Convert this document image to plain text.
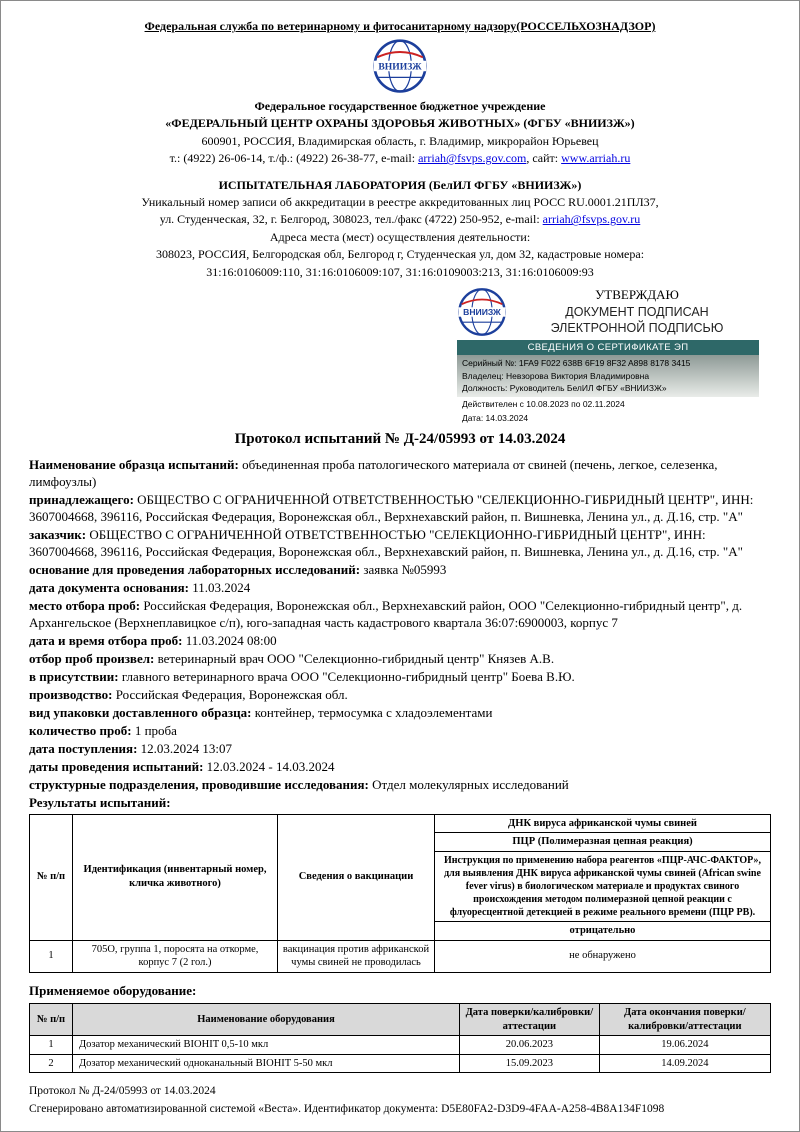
Федеральная служба по ветеринарному и фитосанитарному надзору(РОССЕЛЬХОЗНАДЗОР)
ВНИИЗЖ
Федеральное государственное бюджетное учреждение
«ФЕДЕРАЛЬНЫЙ ЦЕНТР ОХРАНЫ ЗДОРОВЬЯ ЖИВОТНЫХ» (ФГБУ «ВНИИЗЖ»)
600901, РОССИЯ, Владимирская область, г. Владимир, микрорайон Юрьевец
т.: (4922) 26-06-14, т./ф.: (4922) 26-38-77, e-mail: arriah@fsvps.gov.com, сайт: www.arriah.ru
ИСПЫТАТЕЛЬНАЯ ЛАБОРАТОРИЯ (БелИЛ ФГБУ «ВНИИЗЖ»)
Уникальный номер записи об аккредитации в реестре аккредитованных лиц РОСС RU.0001.21ПЛ37,
ул. Студенческая, 32, г. Белгород, 308023, тел./факс (4722) 250-952, e-mail: arriah@fsvps.gov.ru
Адреса места (мест) осуществления деятельности:
308023, РОССИЯ, Белгородская обл, Белгород г, Студенческая ул, дом 32, кадастровые номера:
31:16:0106009:110, 31:16:0106009:107, 31:16:0109003:213, 31:16:0106009:93
ВНИИЗЖ
УТВЕРЖДАЮ
ДОКУМЕНТ ПОДПИСАН
ЭЛЕКТРОННОЙ ПОДПИСЬЮ
СВЕДЕНИЯ О СЕРТИФИКАТЕ ЭП
Серийный №: 1FA9 F022 638B 6F19 8F32 A898 8178 3415
Владелец: Невзорова Виктория Владимировна
Должность: Руководитель БелИЛ ФГБУ «ВНИИЗЖ»
Действителен с 10.08.2023 по 02.11.2024
Дата: 14.03.2024
Протокол испытаний № Д-24/05993 от 14.03.2024

Наименование образца испытаний: объединенная проба патологического материала от свиней (печень, легкое, селезенка, лимфоузлы)

принадлежащего: ОБЩЕСТВО С ОГРАНИЧЕННОЙ ОТВЕТСТВЕННОСТЬЮ "СЕЛЕКЦИОННО-ГИБРИДНЫЙ ЦЕНТР", ИНН: 3607004668, 396116, Российская Федерация, Воронежская обл., Верхнехавский район, п. Вишневка, Ленина ул., д. Д.16, стр. "А"

заказчик: ОБЩЕСТВО С ОГРАНИЧЕННОЙ ОТВЕТСТВЕННОСТЬЮ "СЕЛЕКЦИОННО-ГИБРИДНЫЙ ЦЕНТР", ИНН: 3607004668, 396116, Российская Федерация, Воронежская обл., Верхнехавский район, п. Вишневка, Ленина ул., д. Д.16, стр. "А"

основание для проведения лабораторных исследований: заявка №05993

дата документа основания: 11.03.2024

место отбора проб: Российская Федерация, Воронежская обл., Верхнехавский район, ООО "Селекционно-гибридный центр", д. Архангельское (Верхнеплавицкое с/п), юго-западная часть кадастрового квартала 36:07:6900003, корпус 7

дата и время отбора проб: 11.03.2024 08:00

отбор проб произвел: ветеринарный врач ООО "Селекционно-гибридный центр" Князев А.В.

в присутствии: главного ветеринарного врача ООО "Селекционно-гибридный центр" Боева В.Ю.

производство: Российская Федерация, Воронежская обл.

вид упаковки доставленного образца: контейнер, термосумка с хладоэлементами

количество проб: 1 проба

дата поступления: 12.03.2024 13:07

даты проведения испытаний: 12.03.2024 - 14.03.2024

структурные подразделения, проводившие исследования: Отдел молекулярных исследований

Результаты испытаний:

№ п/п	Идентификация (инвентарный номер, кличка животного)	Сведения о вакцинации	ДНК вируса африканской чумы свиней
			ПЦР (Полимеразная цепная реакция)
			Инструкция по применению набора реагентов «ПЦР-АЧС-ФАКТОР», для выявления ДНК вируса африканской чумы свиней (African swine fever virus) в биологическом материале и продуктах свиного происхождения методом полимеразной цепной реакции с флуоресцентной детекцией в режиме реального времени (ПЦР РВ).
			отрицательно
1	705О, группа 1, поросята на откорме, корпус 7 (2 гол.)	вакцинация против африканской чумы свиней не проводилась	не обнаружено
Применяемое оборудование:
№ п/п	Наименование оборудования	Дата поверки/калибровки/аттестации	Дата окончания поверки/калибровки/аттестации
1	Дозатор механический BIOHIT 0,5-10 мкл	20.06.2023	19.06.2024
2	Дозатор механический одноканальный BIOHIT 5-50 мкл	15.09.2023	14.09.2024
Протокол № Д-24/05993 от 14.03.2024
Сгенерировано автоматизированной системой «Веста». Идентификатор документа: D5E80FA2-D3D9-4FAA-A258-4B8A134F1098
